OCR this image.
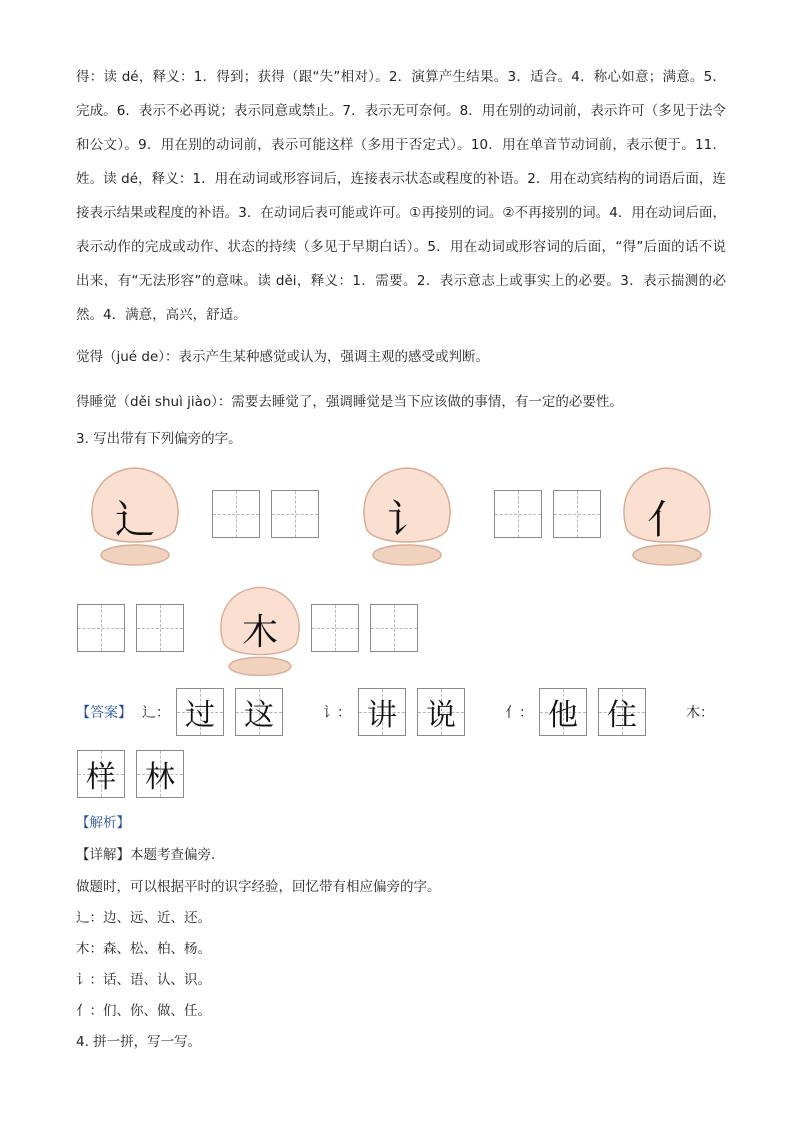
得：读 dé，释义：1．得到；获得（跟“失”相对）。2．演算产生结果。3．适合。4．称心如意；满意。5．完成。6．表示不必再说；表示同意或禁止。7．表示无可奈何。8．用在别的动词前，表示许可（多见于法令和公文）。9．用在别的动词前，表示可能这样（多用于否定式）。10．用在单音节动词前，表示便于。11．姓。读 dé，释义：1．用在动词或形容词后，连接表示状态或程度的补语。2．用在动宾结构的词语后面，连接表示结果或程度的补语。3．在动词后表可能或许可。①再接别的词。②不再接别的词。4．用在动词后面，表示动作的完成或动作、状态的持续（多见于早期白话）。5．用在动词或形容词的后面，“得”后面的话不说出来，有“无法形容”的意味。读 děi，释义：1．需要。2．表示意志上或事实上的必要。3．表示揣测的必然。4．满意，高兴，舒适。
觉得（jué de）：表示产生某种感觉或认为，强调主观的感受或判断。
得睡觉（děi shuì jiào）：需要去睡觉了，强调睡觉是当下应该做的事情，有一定的必要性。
3. 写出带有下列偏旁的字。
辶	讠	亻
木
【答案】 辶： 过 这	讠： 讲 说	亻： 他 住	木：
样 林
【解析】
【详解】本题考查偏旁.
做题时，可以根据平时的识字经验，回忆带有相应偏旁的字。
辶：边、远、近、还。
木：森、松、柏、杨。
讠：话、语、认、识。
亻：们、你、做、任。
4. 拼一拼，写一写。
